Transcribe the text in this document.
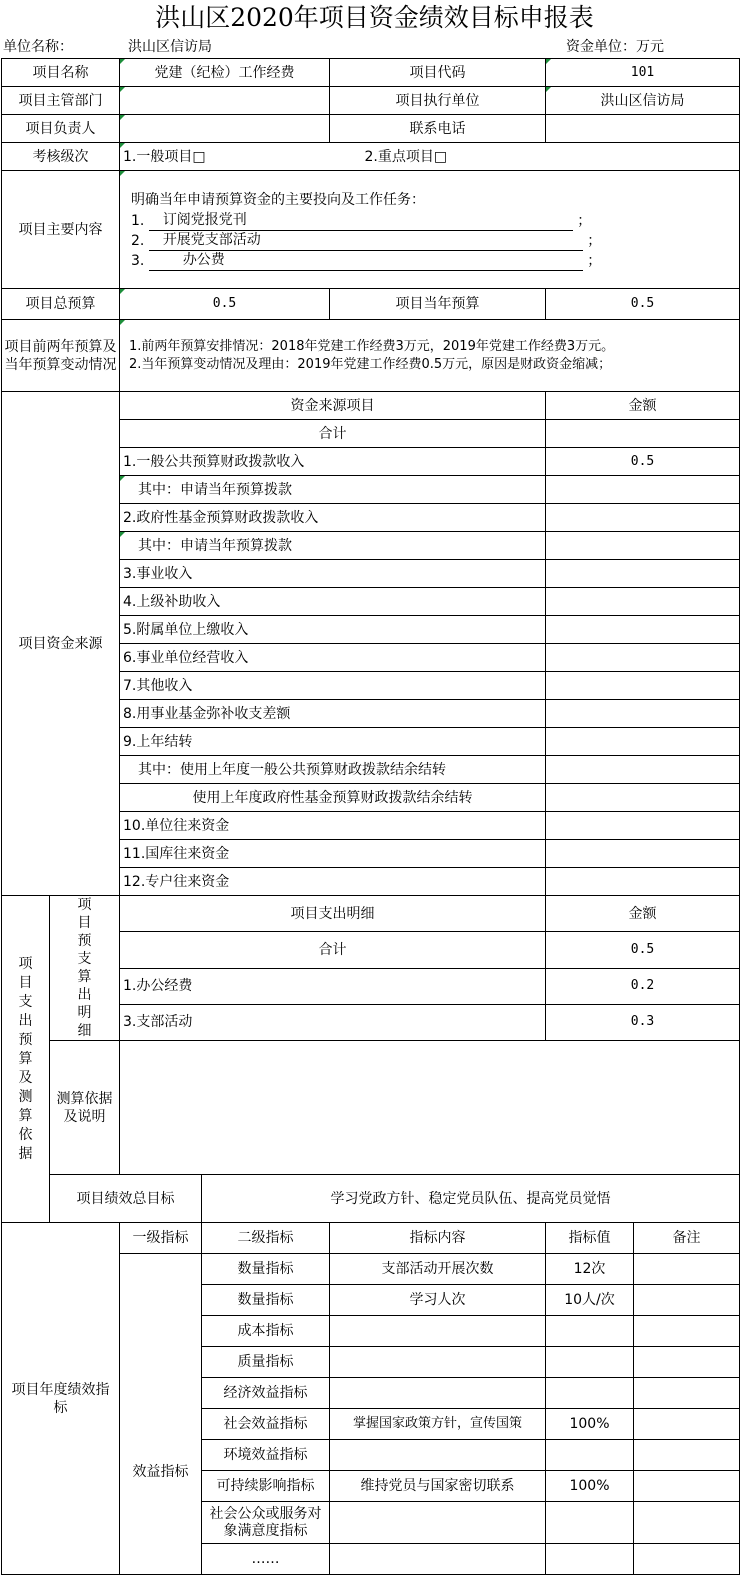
洪山区2020年项目资金绩效目标申报表
单位名称：	洪山区信访局	资金单位：万元
项目名称		党建（纪检）工作经费		项目代码	101	
项目主管部门				项目执行单位	洪山区信访局	
项目负责人				联系电话		
考核级次		1.一般项目□ 2.重点项目□				
项目主要内容		明确当年申请预算资金的主要投向及工作任务：
1. 订阅党报党刊 ；
2. 开展党支部活动 ；
3. 办公费 ；				

项目总预算		0.5		项目当年预算	0.5	
项目前两年预算及当年预算变动情况		1.前两年预算安排情况：2018年党建工作经费3万元，2019年党建工作经费3万元。
2.当年预算变动情况及理由：2019年党建工作经费0.5万元，原因是财政资金缩减；				

项目资金来源		资金来源项目			金额	
		合计				
		1.一般公共预算财政拨款收入			0.5	
		其中：申请当年预算拨款				
		2.政府性基金预算财政拨款收入				
		其中：申请当年预算拨款				
		3.事业收入				
		4.上级补助收入				
		5.附属单位上缴收入				
		6.事业单位经营收入				
		7.其他收入				
		8.用事业基金弥补收支差额				
		9.上年结转				
		其中：使用上年度一般公共预算财政拨款结余结转				
		使用上年度政府性基金预算财政拨款结余结转				
		10.单位往来资金				
		11.国库往来资金				
		12.专户往来资金				

项目支出预算及测算依据	项目预支算出明细	项目支出明细			金额	
		合计			0.5	
		1.办公经费			0.2	
		3.支部活动			0.3	
	测算依据及说明					
	项目绩效总目标		学习党政方针、稳定党员队伍、提高党员觉悟			
项目年度绩效指标		一级指标	二级指标	指标内容	指标值	备注
		效益指标	数量指标	支部活动开展次数	12次	
			数量指标	学习人次	10人/次	
			成本指标			
			质量指标			
			经济效益指标			
			社会效益指标	掌握国家政策方针，宣传国策	100%	
			环境效益指标			
			可持续影响指标	维持党员与国家密切联系	100%	
			社会公众或服务对象满意度指标			
			……			
